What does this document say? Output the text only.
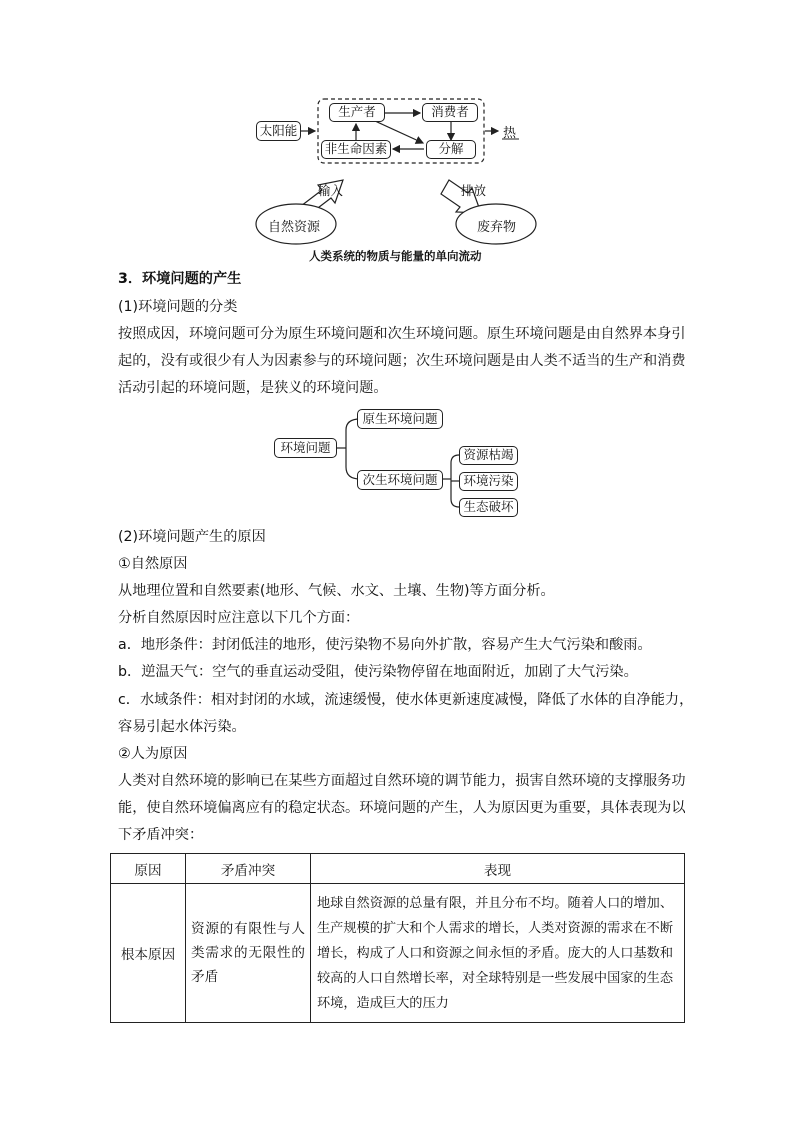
太阳能
生产者	消费者
非生命因素	分解
热
输入	排放
自然资源	废弃物
人类系统的物质与能量的单向流动
3．环境问题的产生
(1)环境问题的分类
按照成因，环境问题可分为原生环境问题和次生环境问题。原生环境问题是由自然界本身引
起的，没有或很少有人为因素参与的环境问题；次生环境问题是由人类不适当的生产和消费
活动引起的环境问题，是狭义的环境问题。
环境问题
原生环境问题
次生环境问题
资源枯竭
环境污染
生态破坏
(2)环境问题产生的原因
①自然原因
从地理位置和自然要素(地形、气候、水文、土壤、生物)等方面分析。
分析自然原因时应注意以下几个方面：
a．地形条件：封闭低洼的地形，使污染物不易向外扩散，容易产生大气污染和酸雨。
b．逆温天气：空气的垂直运动受阻，使污染物停留在地面附近，加剧了大气污染。
c．水域条件：相对封闭的水域，流速缓慢，使水体更新速度减慢，降低了水体的自净能力，
容易引起水体污染。
②人为原因
人类对自然环境的影响已在某些方面超过自然环境的调节能力，损害自然环境的支撑服务功
能，使自然环境偏离应有的稳定状态。环境问题的产生，人为原因更为重要，具体表现为以
下矛盾冲突：
原因	矛盾冲突	表现
根本原因	资源的有限性与人类需求的无限性的矛盾	地球自然资源的总量有限，并且分布不均。随着人口的增加、生产规模的扩大和个人需求的增长，人类对资源的需求在不断增长，构成了人口和资源之间永恒的矛盾。庞大的人口基数和较高的人口自然增长率，对全球特别是一些发展中国家的生态环境，造成巨大的压力
